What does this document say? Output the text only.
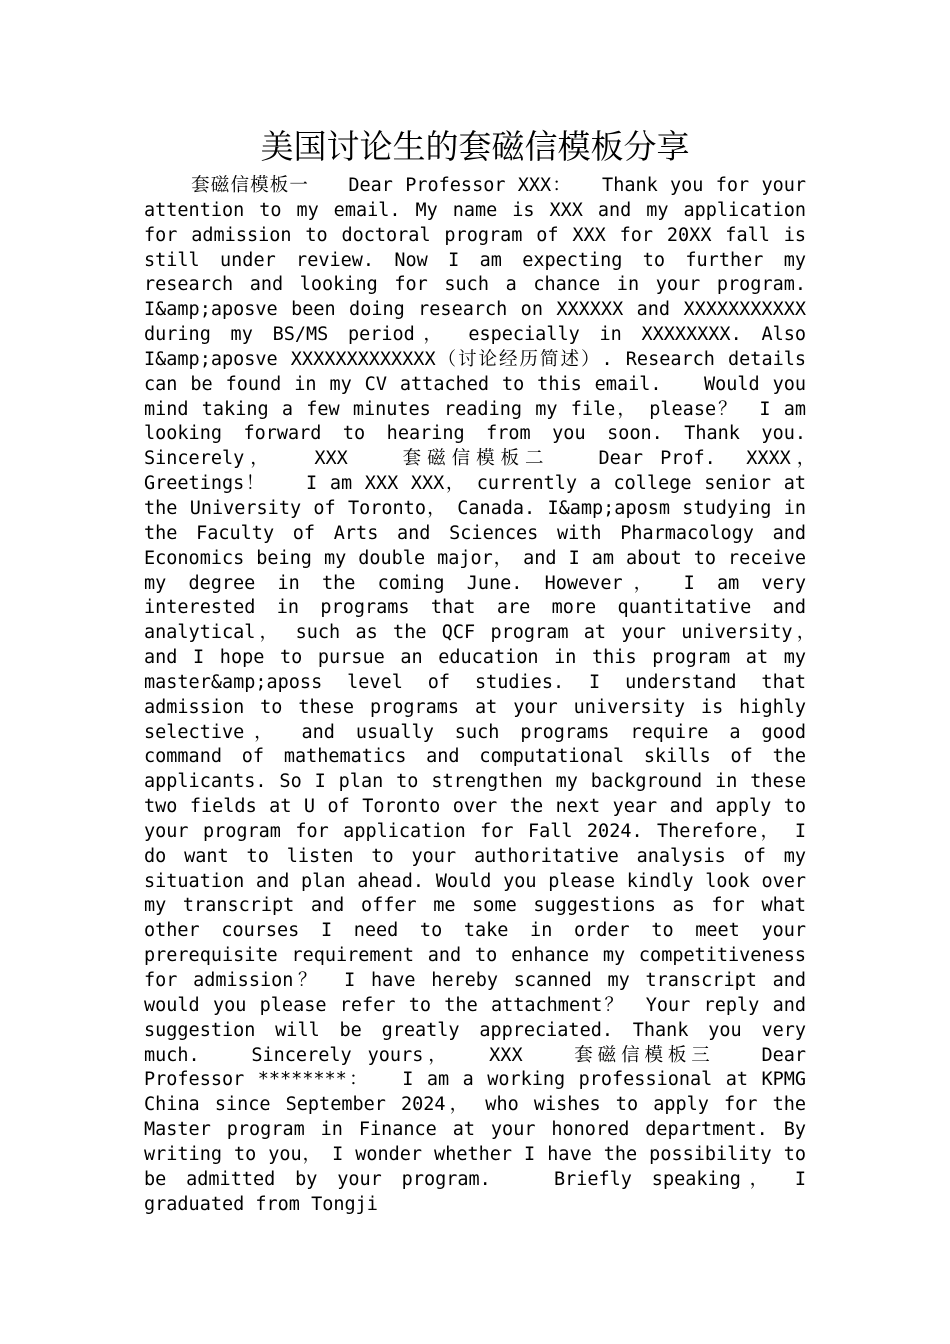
美国讨论生的套磁信模板分享

套磁信模板一　　Dear Professor XXX：　　Thank you for your attention to my email. My name is XXX and my application for admission to doctoral program of XXX for 20XX fall is still under review. Now I am expecting to further my research and looking for such a chance in your program.　　I&amp;aposve been doing research on XXXXXX and XXXXXXXXXXX during my BS/MS period，　especially in XXXXXXXX. Also I&amp;aposve XXXXXXXXXXXXX（讨论经历简述）. Research details can be found in my CV attached to this email.　　Would you mind taking a few minutes reading my file，　please？　I am looking forward to hearing from you soon. Thank you.　　Sincerely，　　XXX　　套磁信模板二　　Dear Prof.　XXXX，　　Greetings！　　I am XXX XXX，　currently a college senior at the University of Toronto，　Canada. I&amp;aposm studying in the Faculty of Arts and Sciences with Pharmacology and Economics being my double major，　and I am about to receive my degree in the coming June. However，　I am very interested in programs that are more quantitative and analytical，　such as the QCF program at your university，　and I hope to pursue an education in this program at my master&amp;aposs level of studies. I understand that admission to these programs at your university is highly selective，　and usually such programs require a good command of mathematics and computational skills of the applicants. So I plan to strengthen my background in these two fields at U of Toronto over the next year and apply to your program for application for Fall 2024. Therefore，　I do want to listen to your authoritative analysis of my situation and plan ahead. Would you please kindly look over my transcript and offer me some suggestions as for what other courses I need to take in order to meet your prerequisite requirement and to enhance my competitiveness for admission？　I have hereby scanned my transcript and would you please refer to the attachment？　Your reply and suggestion will be greatly appreciated. Thank you very much.　　Sincerely yours，　　XXX　　套磁信模板三　　Dear Professor ********：　　I am a working professional at KPMG China since September 2024，　who wishes to apply for the Master program in Finance at your honored department. By writing to you，　I wonder whether I have the possibility to be admitted by your program.　　Briefly speaking，　I graduated from Tongji
